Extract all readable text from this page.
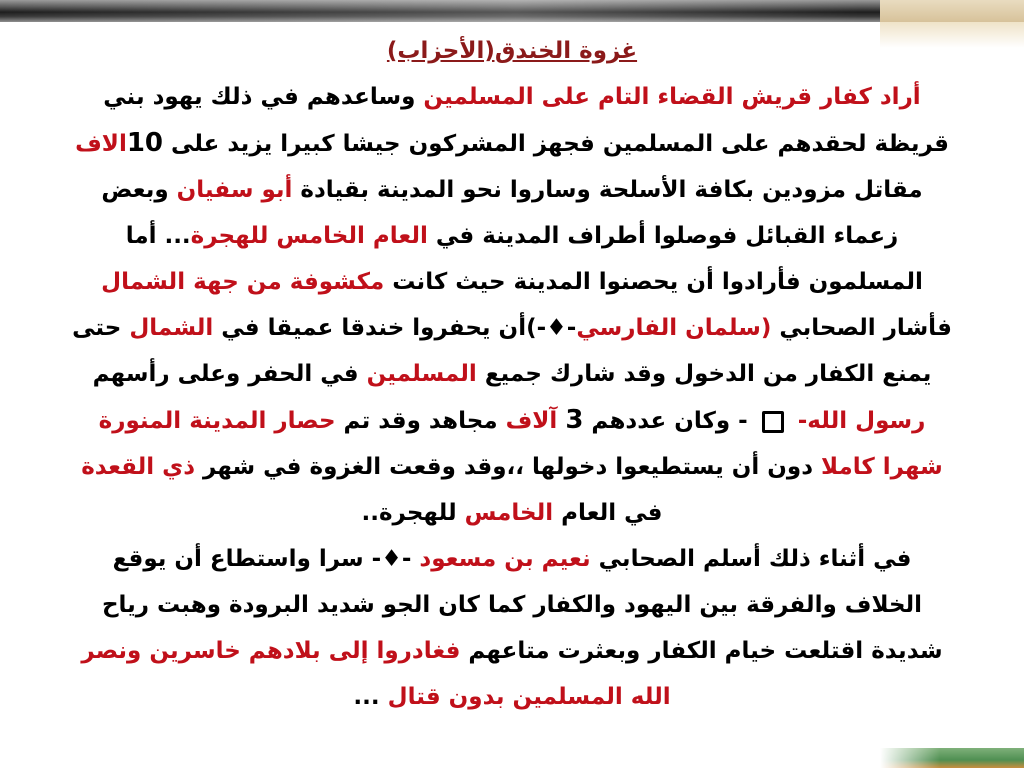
غزوة الخندق(الأحزاب)
أراد كفار قريش القضاء التام على المسلمين وساعدهم في ذلك يهود بني
قريظة لحقدهم على المسلمين فجهز المشركون جيشا كبيرا يزيد على 10الاف
مقاتل مزودين بكافة الأسلحة وساروا نحو المدينة بقيادة أبو سفيان وبعض
زعماء القبائل فوصلوا أطراف المدينة في العام الخامس للهجرة... أما
المسلمون فأرادوا أن يحصنوا المدينة حيث كانت مكشوفة من جهة الشمال
فأشار الصحابي (سلمان الفارسي-♦-)أن يحفروا خندقا عميقا في الشمال حتى
يمنع الكفار من الدخول وقد شارك جميع المسلمين في الحفر وعلى رأسهم
رسول الله-  - وكان عددهم 3 آلاف مجاهد وقد تم حصار المدينة المنورة
شهرا كاملا دون أن يستطيعوا دخولها ،،وقد وقعت الغزوة في شهر ذي القعدة
في العام الخامس للهجرة..
في أثناء ذلك أسلم الصحابي نعيم بن مسعود -♦- سرا واستطاع أن يوقع
الخلاف والفرقة بين اليهود والكفار كما كان الجو شديد البرودة وهبت رياح
شديدة اقتلعت خيام الكفار وبعثرت متاعهم فغادروا إلى بلادهم خاسرين ونصر
الله المسلمين بدون قتال ...
